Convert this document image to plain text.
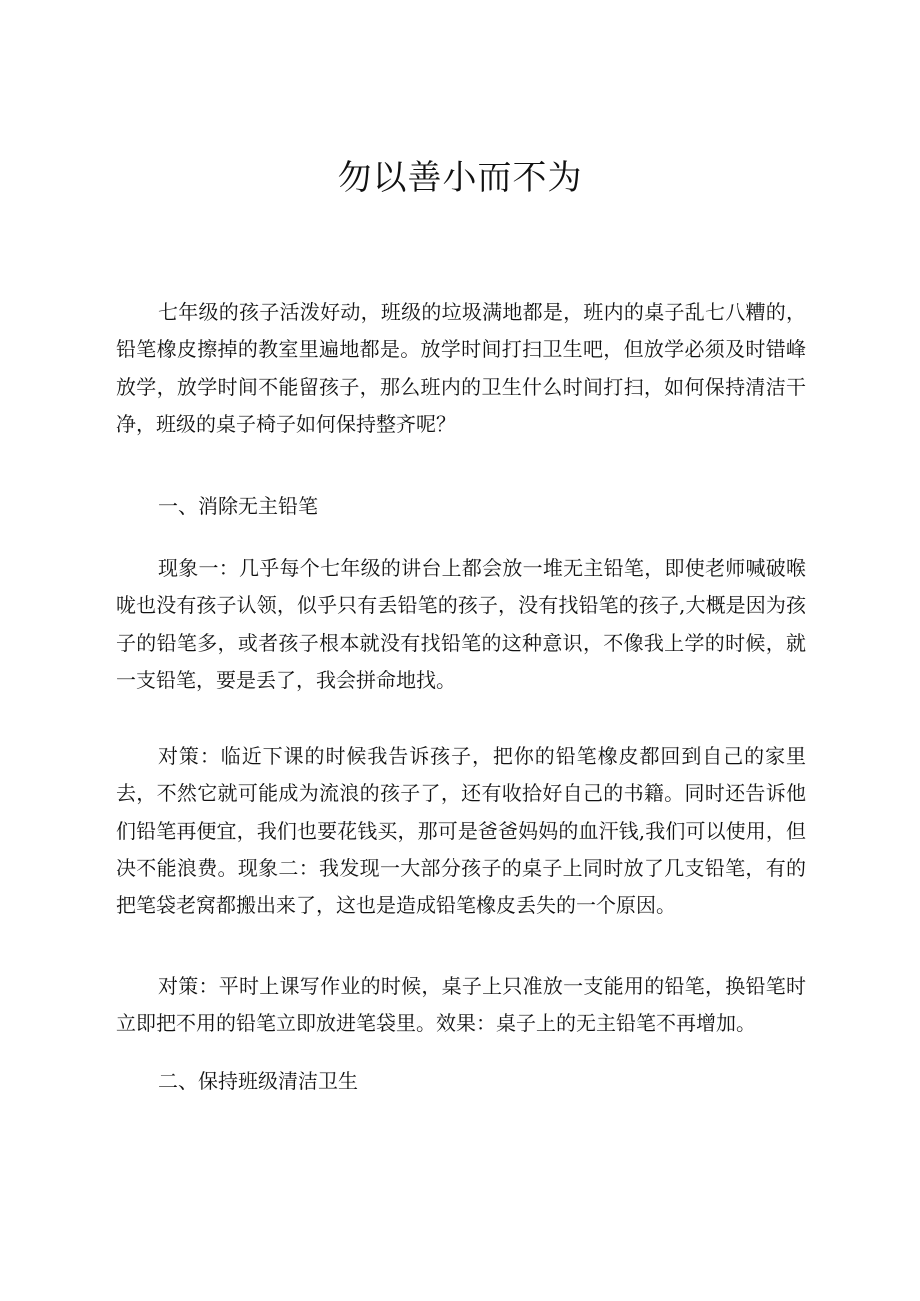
勿以善小而不为

七年级的孩子活泼好动，班级的垃圾满地都是，班内的桌子乱七八糟的，铅笔橡皮擦掉的教室里遍地都是。放学时间打扫卫生吧，但放学必须及时错峰放学，放学时间不能留孩子，那么班内的卫生什么时间打扫，如何保持清洁干净，班级的桌子椅子如何保持整齐呢？

一、消除无主铅笔

现象一：几乎每个七年级的讲台上都会放一堆无主铅笔，即使老师喊破喉咙也没有孩子认领，似乎只有丢铅笔的孩子，没有找铅笔的孩子,大概是因为孩子的铅笔多，或者孩子根本就没有找铅笔的这种意识，不像我上学的时候，就一支铅笔，要是丢了，我会拼命地找。

对策：临近下课的时候我告诉孩子，把你的铅笔橡皮都回到自己的家里去，不然它就可能成为流浪的孩子了，还有收拾好自己的书籍。同时还告诉他们铅笔再便宜，我们也要花钱买，那可是爸爸妈妈的血汗钱,我们可以使用，但决不能浪费。现象二：我发现一大部分孩子的桌子上同时放了几支铅笔，有的把笔袋老窝都搬出来了，这也是造成铅笔橡皮丢失的一个原因。

对策：平时上课写作业的时候，桌子上只准放一支能用的铅笔，换铅笔时立即把不用的铅笔立即放进笔袋里。效果：桌子上的无主铅笔不再增加。

二、保持班级清洁卫生
